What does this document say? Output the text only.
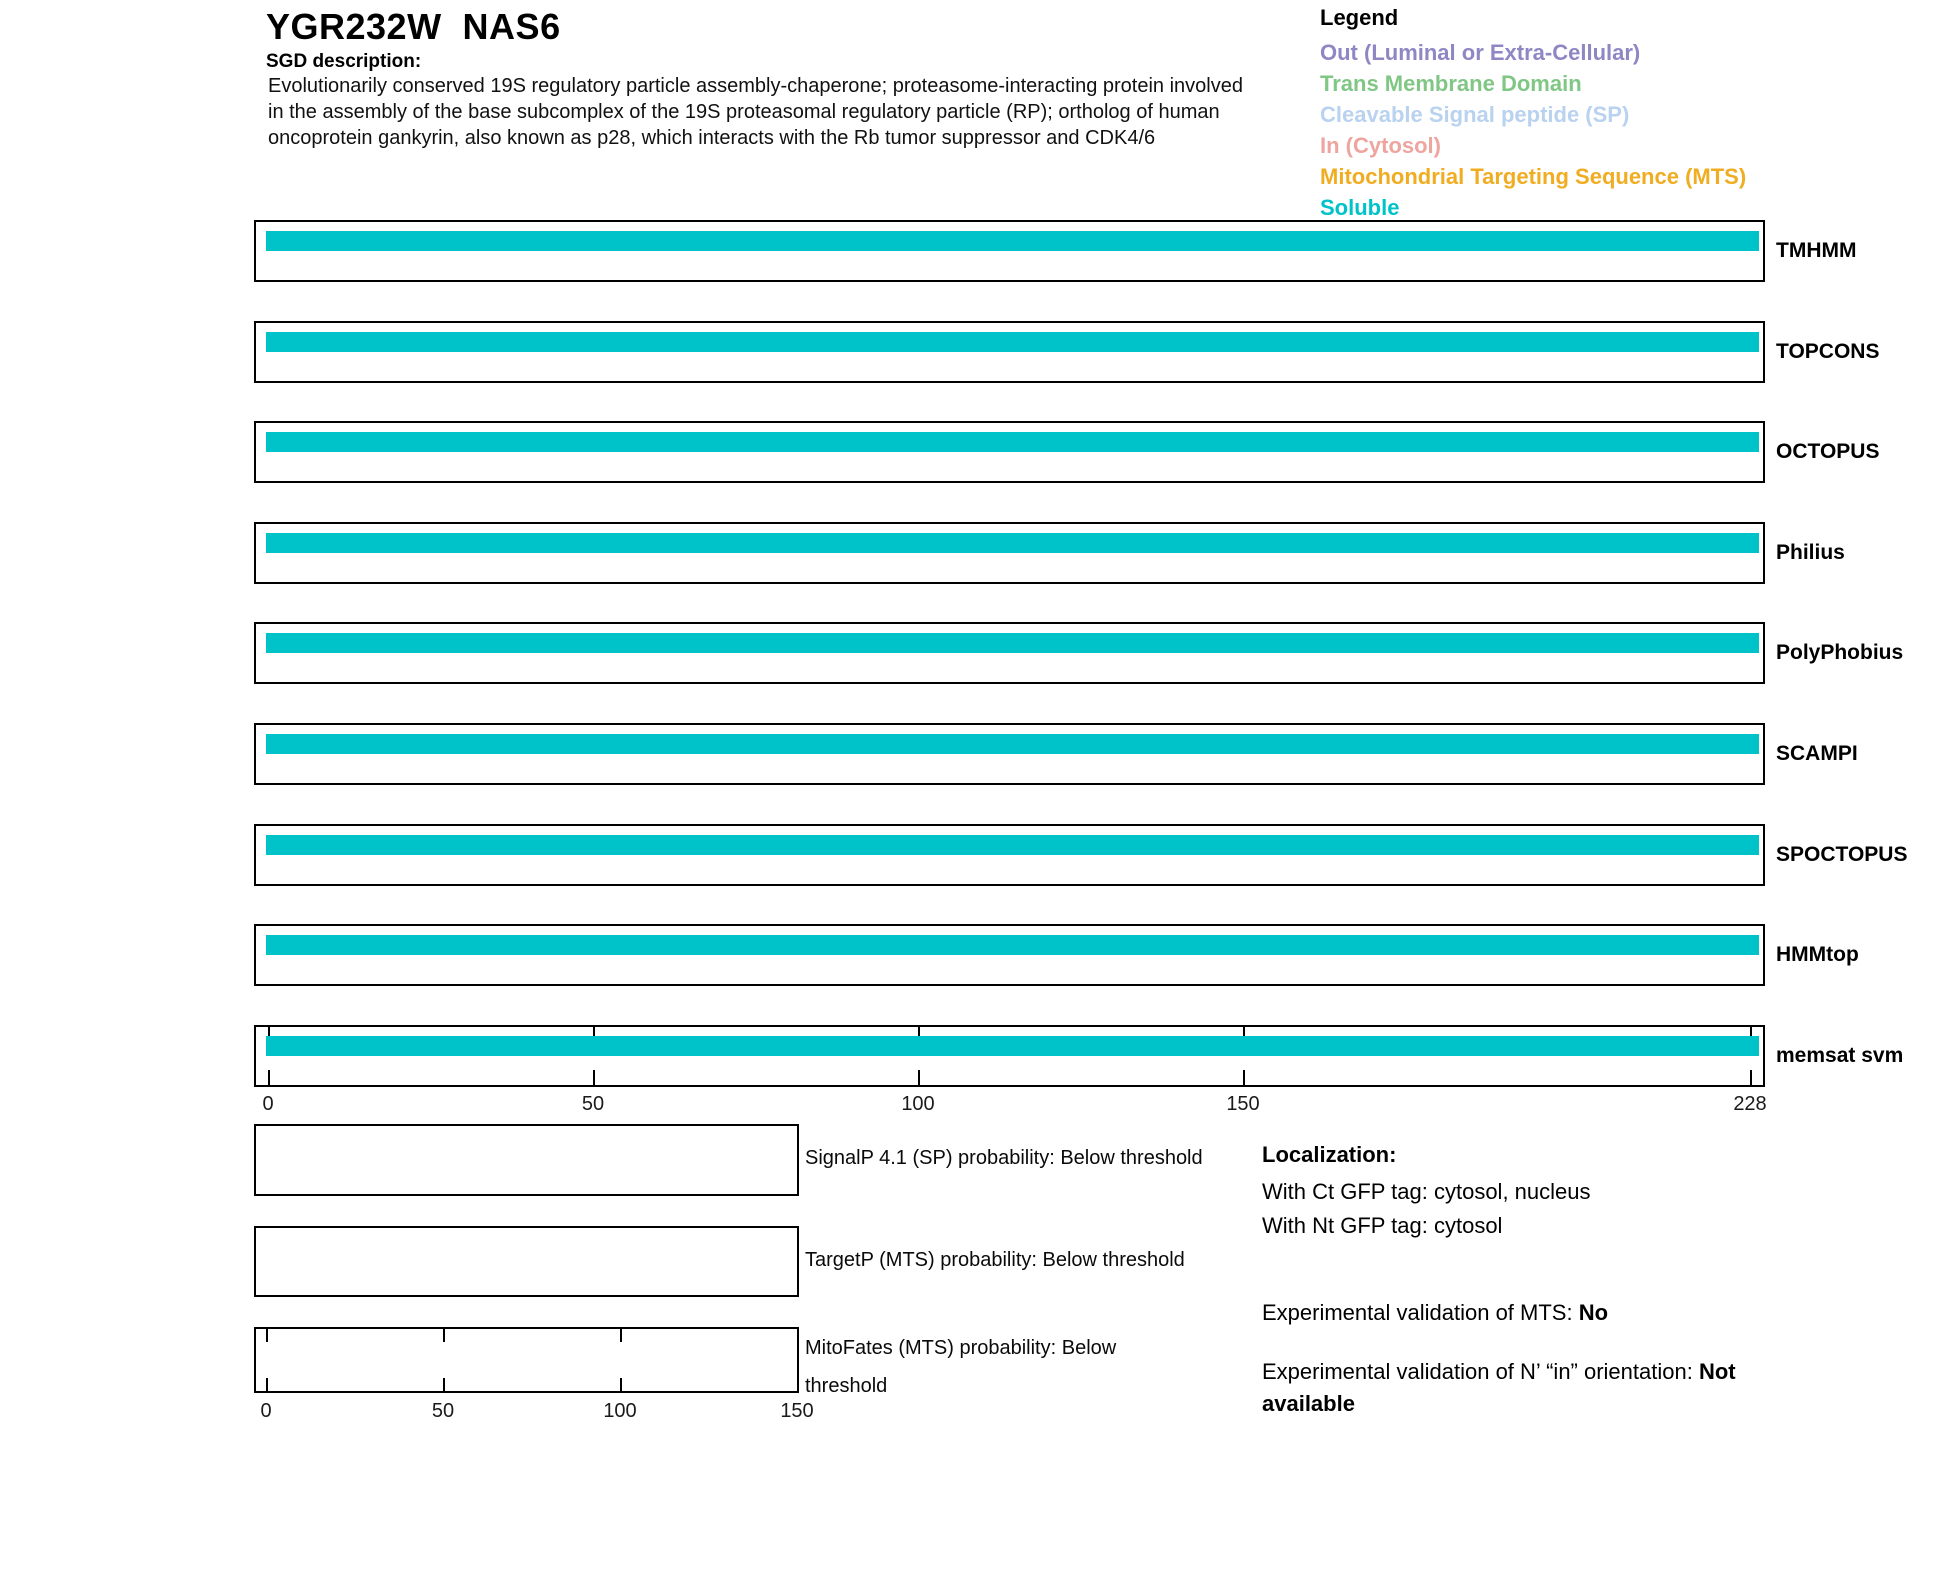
YGR232W  NAS6
SGD description:
Evolutionarily conserved 19S regulatory particle assembly-chaperone; proteasome-interacting protein involved
in the assembly of the base subcomplex of the 19S proteasomal regulatory particle (RP); ortholog of human
oncoprotein gankyrin, also known as p28, which interacts with the Rb tumor suppressor and CDK4/6
Legend
Out (Luminal or Extra-Cellular)
Trans Membrane Domain
Cleavable Signal peptide (SP)
In (Cytosol)
Mitochondrial Targeting Sequence (MTS)
Soluble
TMHMM
TOPCONS
OCTOPUS
Philius
PolyPhobius
SCAMPI
SPOCTOPUS
HMMtop
memsat svm
0	50	100	150	228
SignalP 4.1 (SP) probability: Below threshold
TargetP (MTS) probability: Below threshold
MitoFates (MTS) probability: Below
threshold
0	50	100	150
Localization:
With Ct GFP tag: cytosol, nucleus
With Nt GFP tag: cytosol
Experimental validation of MTS: No
Experimental validation of N’ “in” orientation: Not
available
